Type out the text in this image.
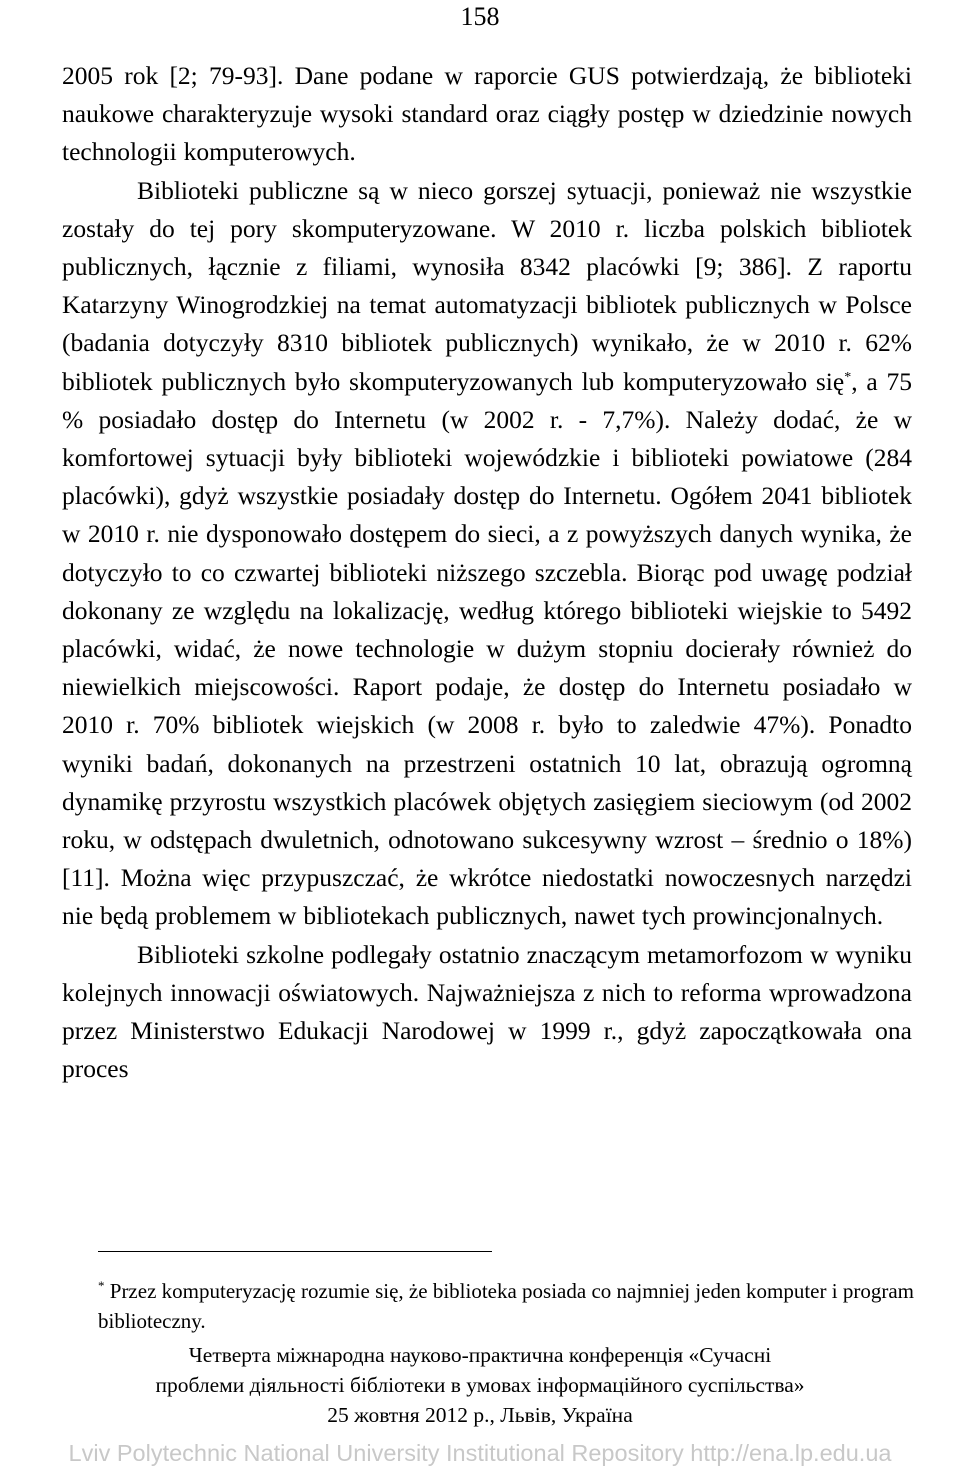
158

2005 rok [2; 79-93]. Dane podane w raporcie GUS potwierdzają, że biblioteki naukowe charakteryzuje wysoki standard oraz ciągły postęp w dziedzinie nowych technologii komputerowych.

Biblioteki publiczne są w nieco gorszej sytuacji, ponieważ nie wszystkie zostały do tej pory skomputeryzowane. W 2010 r. liczba polskich bibliotek publicznych, łącznie z filiami, wynosiła 8342 placówki [9; 386]. Z raportu Katarzyny Winogrodzkiej na temat automatyzacji bibliotek publicznych w Polsce (badania dotyczyły 8310 bibliotek publicznych) wynikało, że w 2010 r. 62% bibliotek publicznych było skomputeryzowanych lub komputeryzowało się*, a 75 % posiadało dostęp do Internetu (w 2002 r. - 7,7%). Należy dodać, że w komfortowej sytuacji były biblioteki wojewódzkie i biblioteki powiatowe (284 placówki), gdyż wszystkie posiadały dostęp do Internetu. Ogółem 2041 bibliotek w 2010 r. nie dysponowało dostępem do sieci, a z powyższych danych wynika, że dotyczyło to co czwartej biblioteki niższego szczebla. Biorąc pod uwagę podział dokonany ze względu na lokalizację, według którego biblioteki wiejskie to 5492 placówki, widać, że nowe technologie w dużym stopniu docierały również do niewielkich miejscowości. Raport podaje, że dostęp do Internetu posiadało w 2010 r. 70% bibliotek wiejskich (w 2008 r. było to zaledwie 47%). Ponadto wyniki badań, dokonanych na przestrzeni ostatnich 10 lat, obrazują ogromną dynamikę przyrostu wszystkich placówek objętych zasięgiem sieciowym (od 2002 roku, w odstępach dwuletnich, odnotowano sukcesywny wzrost – średnio o 18%) [11]. Można więc przypuszczać, że wkrótce niedostatki nowoczesnych narzędzi nie będą problemem w bibliotekach publicznych, nawet tych prowincjonalnych.

Biblioteki szkolne podlegały ostatnio znaczącym metamorfozom w wyniku kolejnych innowacji oświatowych. Najważniejsza z nich to reforma wprowadzona przez Ministerstwo Edukacji Narodowej w 1999 r., gdyż zapoczątkowała ona proces

* Przez komputeryzację rozumie się, że biblioteka posiada co najmniej jeden komputer i program biblioteczny.
Четверта міжнародна науково-практична конференція «Сучасні
проблеми діяльності бібліотеки в умовах інформаційного суспільства»
25 жовтня 2012 р., Львів, Україна
Lviv Polytechnic National University Institutional Repository http://ena.lp.edu.ua
